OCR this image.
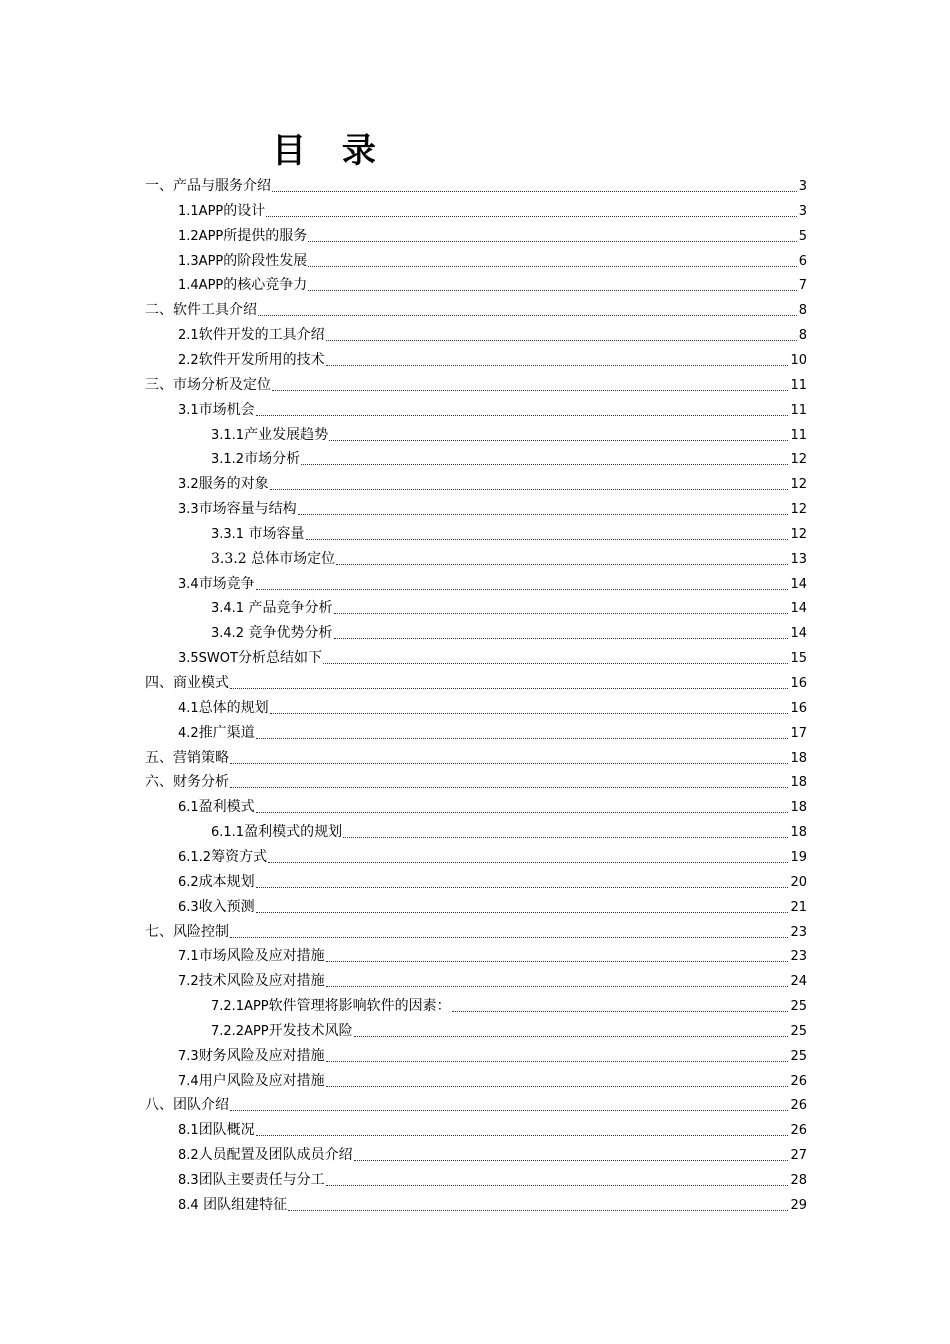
目 录
一、产品与服务介绍	3
1.1APP的设计	3
1.2APP所提供的服务	5
1.3APP的阶段性发展	6
1.4APP的核心竞争力	7
二、软件工具介绍	8
2.1软件开发的工具介绍	8
2.2软件开发所用的技术	10
三、市场分析及定位	11
3.1市场机会	11
3.1.1产业发展趋势	11
3.1.2市场分析	12
3.2服务的对象	12
3.3市场容量与结构	12
3.3.1 市场容量	12
3.3.2 总体市场定位	13
3.4市场竞争	14
3.4.1 产品竞争分析	14
3.4.2 竞争优势分析	14
3.5SWOT分析总结如下	15
四、商业模式	16
4.1总体的规划	16
4.2推广渠道	17
五、营销策略	18
六、财务分析	18
6.1盈利模式	18
6.1.1盈利模式的规划	18
6.1.2筹资方式	19
6.2成本规划	20
6.3收入预测	21
七、风险控制	23
7.1市场风险及应对措施	23
7.2技术风险及应对措施	24
7.2.1APP软件管理将影响软件的因素：	25
7.2.2APP开发技术风险	25
7.3财务风险及应对措施	25
7.4用户风险及应对措施	26
八、团队介绍	26
8.1团队概况	26
8.2人员配置及团队成员介绍	27
8.3团队主要责任与分工	28
8.4 团队组建特征	29
